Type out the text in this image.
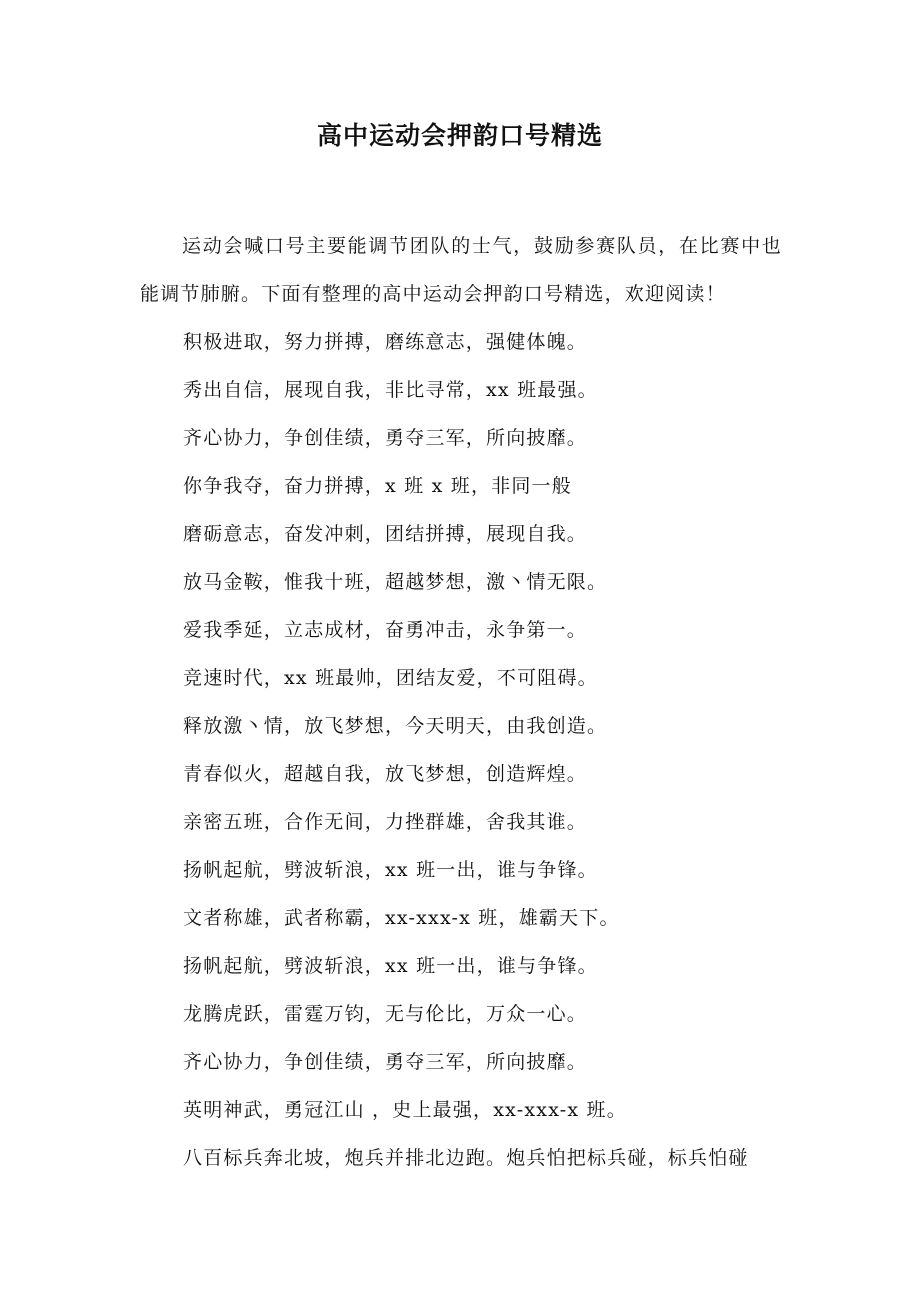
高中运动会押韵口号精选

运动会喊口号主要能调节团队的士气，鼓励参赛队员，在比赛中也能调节肺腑。下面有整理的高中运动会押韵口号精选，欢迎阅读！

积极进取，努力拼搏，磨练意志，强健体魄。
秀出自信，展现自我，非比寻常，xx 班最强。
齐心协力，争创佳绩，勇夺三军，所向披靡。
你争我夺，奋力拼搏，x 班 x 班，非同一般
磨砺意志，奋发冲刺，团结拼搏，展现自我。
放马金鞍，惟我十班，超越梦想，激丶情无限。
爱我季延，立志成材，奋勇冲击，永争第一。
竞速时代，xx 班最帅，团结友爱，不可阻碍。
释放激丶情，放飞梦想，今天明天，由我创造。
青春似火，超越自我，放飞梦想，创造辉煌。
亲密五班，合作无间，力挫群雄，舍我其谁。
扬帆起航，劈波斩浪，xx 班一出，谁与争锋。
文者称雄，武者称霸，xx-xxx-x 班，雄霸天下。
扬帆起航，劈波斩浪，xx 班一出，谁与争锋。
龙腾虎跃，雷霆万钧，无与伦比，万众一心。
齐心协力，争创佳绩，勇夺三军，所向披靡。
英明神武，勇冠江山 ，史上最强，xx-xxx-x 班。
八百标兵奔北坡，炮兵并排北边跑。炮兵怕把标兵碰，标兵怕碰
